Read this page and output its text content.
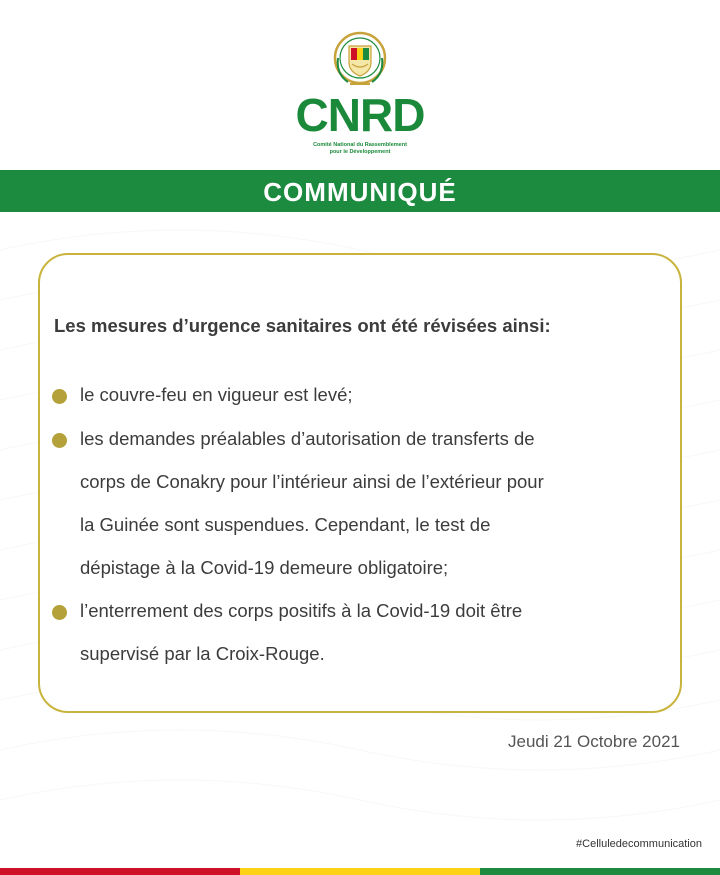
CNRD
Comité National du Rassemblement
pour le Développement
COMMUNIQUÉ
Les mesures d’urgence sanitaires ont été révisées ainsi:
le couvre-feu en vigueur est levé;
les demandes préalables d’autorisation de transferts de
corps de Conakry pour l’intérieur ainsi de l’extérieur pour
la Guinée sont suspendues. Cependant, le test de
dépistage à la Covid-19 demeure obligatoire;
l’enterrement des corps positifs à la Covid-19 doit être
supervisé par la Croix-Rouge.
Jeudi 21 Octobre 2021
#Celluledecommunication
